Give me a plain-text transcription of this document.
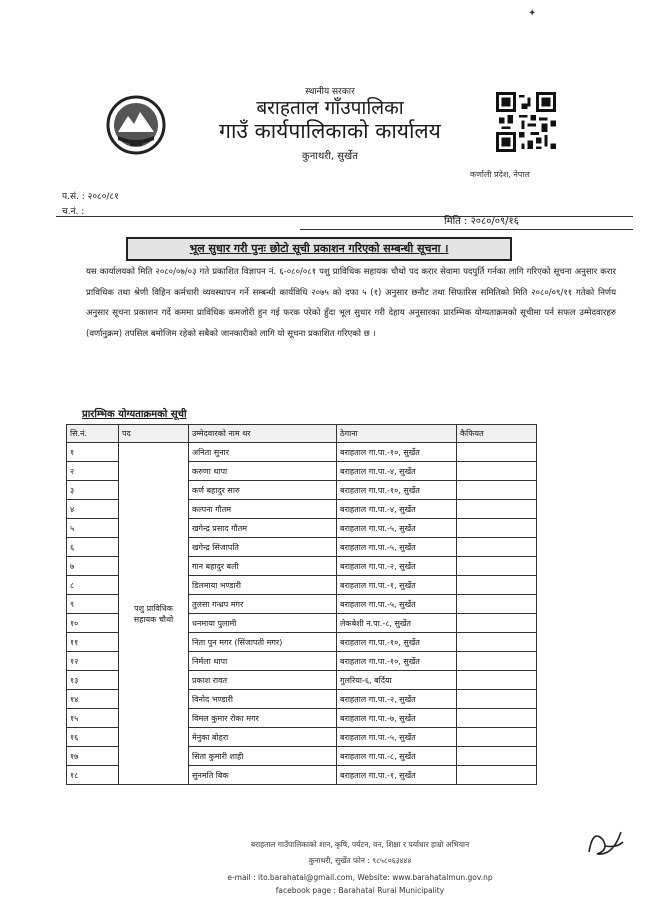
✦
स्थानीय सरकार
बराहताल गाँउपालिका
गाउँ कार्यपालिकाको कार्यालय
कुनाथरी, सुर्खेत
कर्णाली प्रदेश, नेपाल
प.सं. : २०८०/८१
च.नं. :
मिति : २०८०/०९/१६
भूल सुधार गरी पुनः छोटो सूची प्रकाशन गरिएको सम्बन्धी सूचना ।
यस कार्यालयको मिति २०८०/०७/०३ गते प्रकाशित विज्ञापन नं. ६-०८०/०८१ पशु प्राविधिक सहायक चौथो पद करार सेवामा पदपुर्ति गर्नका लागि गरिएको सूचना अनुसार करार प्राविधिक तथा श्रेणी विहिन कर्मचारी व्यवस्थापन गर्ने सम्बन्धी कार्यविधि २०७५ को दफा ५ (१) अनुसार छनौट तथा सिफारिस समितिको मिति २०८०/०९/११ गतेको निर्णय अनुसार सूचना प्रकाशन गर्दे कममा प्राविधिक कमजोरी हुन गई फरक परेको हुँदा भूल सुधार गरी देहाय अनुसारका प्रारम्भिक योग्यताक्रमको सूचीमा पर्न सफल उम्मेदवारहरु (वर्णानुक्रम) तपसिल बमोजिम रहेको सबैको जानकारीको लागि यो सूचना प्रकाशित गरिएको छ ।
प्रारम्भिक योग्यताक्रमको सूची
सि.नं.	पद	उम्मेदवारको नाम थर	ठेगाना	कैफियत
१	पशु प्राविधिक सहायक चौथो	अनिता सुनार	बराहताल गा.पा.-१०, सुर्खेत	
२		करुणा थापा	बराहताल गा.पा.-४, सुर्खेत	
३		कर्ण बहादुर सारु	बराहताल गा.पा.-१०, सुर्खेत	
४		कल्पना गौतम	बराहताल गा.पा.-४, सुर्खेत	
५		खगेन्द्र प्रसाद गौतम	बराहताल गा.पा.-५, सुर्खेत	
६		खगेन्द्र सिंजापति	बराहताल गा.पा.-५, सुर्खेत	
७		गान बहादुर बली	बराहताल गा.पा.-२, सुर्खेत	
८		डिलमाया भण्डारी	बराहताल गा.पा.-१, सुर्खेत	
९		तुलसा गन्ध्रप मगर	बराहताल गा.पा.-५, सुर्खेत	
१०		धनमाया पुलामी	लेकबेशी न.पा.-८, सुर्खेत	
११		निता पुन मगर (सिंजापती मगर)	बराहताल गा.पा.-१०, सुर्खेत	
१२		निर्मला थापा	बराहताल गा.पा.-१०, सुर्खेत	
१३		प्रकाश रावत	गुलरिया-६, बर्दिया	
१४		विनोद भण्डारी	बराहताल गा.पा.-२, सुर्खेत	
१५		विमल कुमार रोका मगर	बराहताल गा.पा.-७, सुर्खेत	
१६		मेनुका बोहरा	बराहताल गा.पा.-५, सुर्खेत	
१७		सिता कुमारी शाही	बराहताल गा.पा.-८, सुर्खेत	
१८		सुनमति बिक	बराहताल गा.पा.-१, सुर्खेत	
बराहताल गाउँपालिकाको शान, कृषि, पर्यटन, वन, शिक्षा र पर्याधार हाम्रो अभियान
कुनाथरी, सुर्खेत फोन : ९८५८०६३४४४
e-mail : ito.barahatal@gmail.com, Website: www.barahatalmun.gov.np
facebook page : Barahatal Rural Municipality
